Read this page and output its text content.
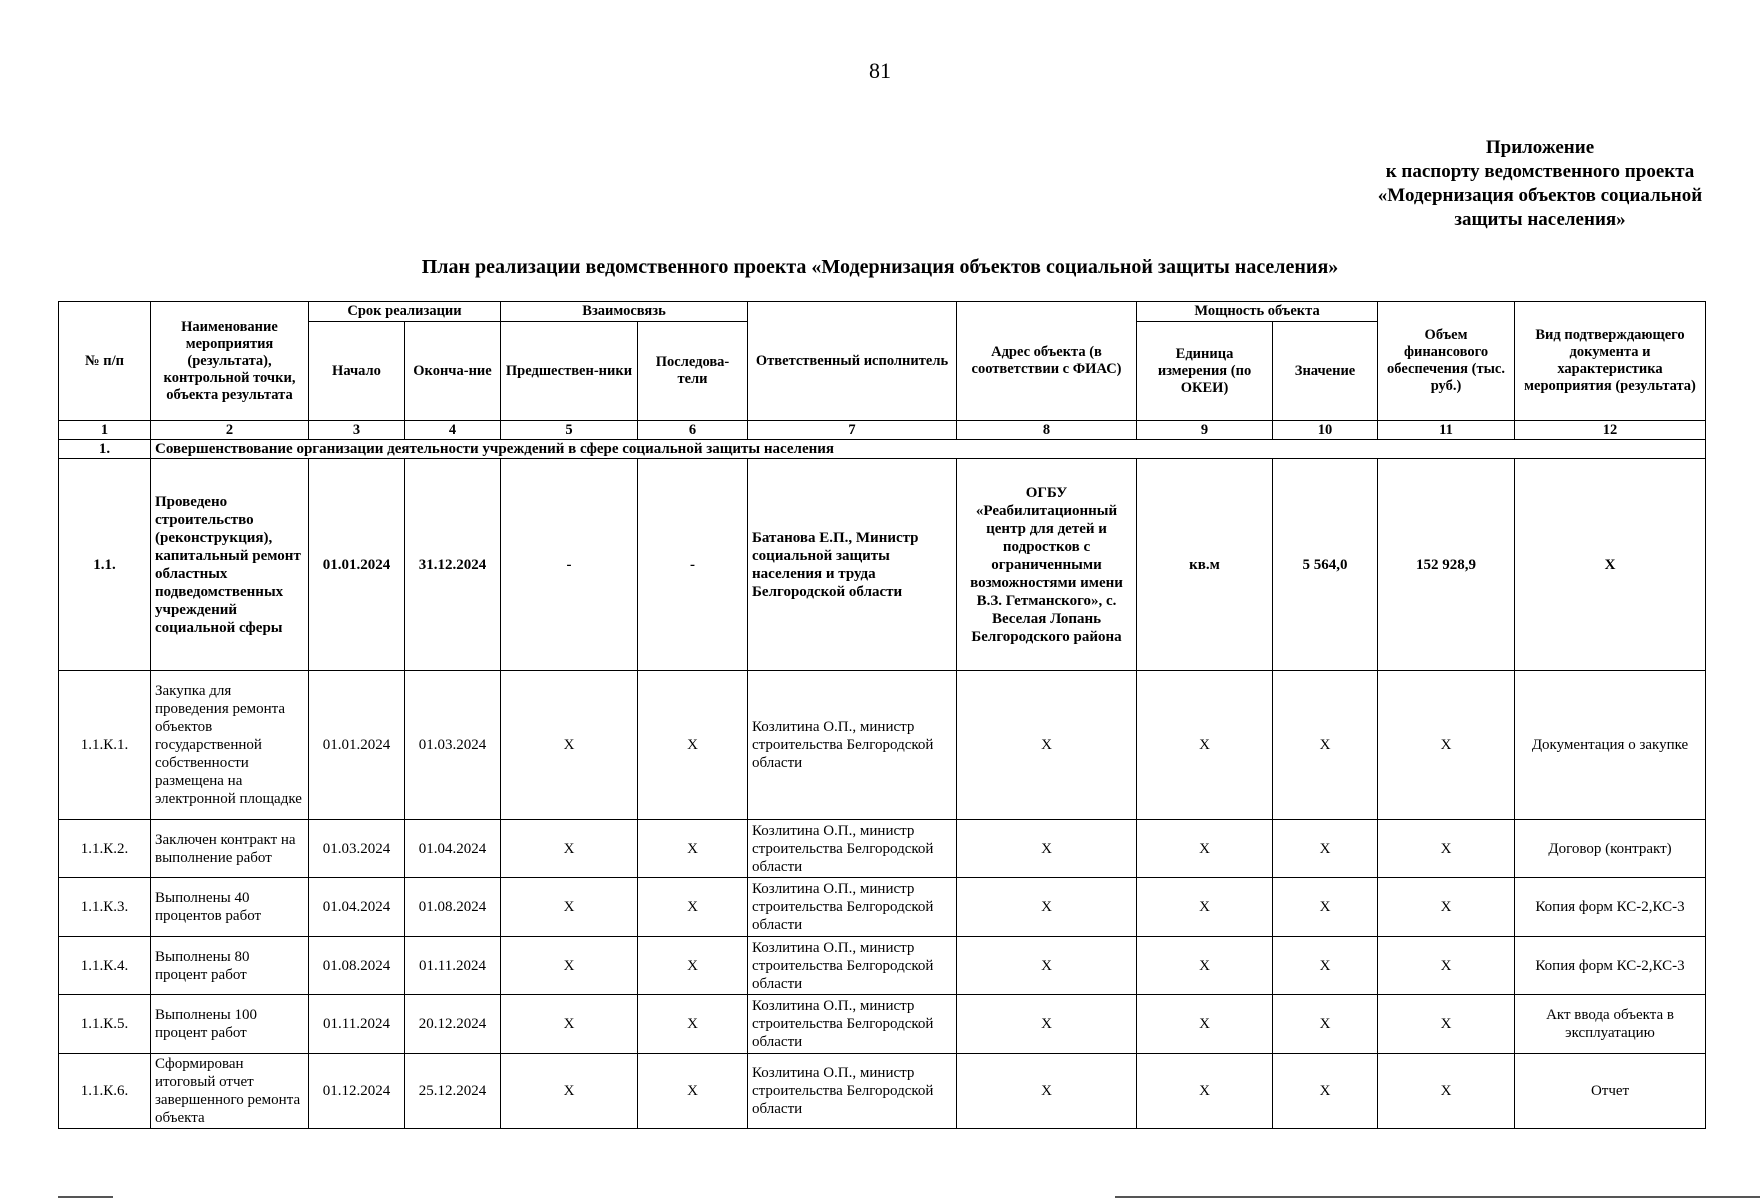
81
Приложение
к паспорту ведомственного проекта
«Модернизация объектов социальной
защиты населения»
План реализации ведомственного проекта «Модернизация объектов социальной защиты населения»
№ п/п	Наименование мероприятия (результата), контрольной точки, объекта результата	Срок реализации		Взаимосвязь		Ответственный исполнитель	Адрес объекта (в соответствии с ФИАС)	Мощность объекта		Объем финансового обеспечения (тыс. руб.)	Вид подтверждающего документа и характеристика мероприятия (результата)
		Начало	Оконча-ние	Предшествен-ники	Последова-тели			Единица измерения (по ОКЕИ)	Значение		
1	2	3	4	5	6	7	8	9	10	11	12
1.	Совершенствование организации деятельности учреждений в сфере социальной защиты населения										
1.1.	Проведено строительство (реконструкция), капитальный ремонт областных подведомственных учреждений социальной сферы	01.01.2024	31.12.2024	-	-	Батанова Е.П., Министр социальной защиты населения и труда Белгородской области	ОГБУ «Реабилитационный центр для детей и подростков с ограниченными возможностями имени В.З. Гетманского», с. Веселая Лопань Белгородского района	кв.м	5 564,0	152 928,9	Х
1.1.К.1.	Закупка для проведения ремонта объектов государственной собственности размещена на электронной площадке	01.01.2024	01.03.2024	Х	Х	Козлитина О.П., министр строительства Белгородской области	Х	Х	Х	Х	Документация о закупке
1.1.К.2.	Заключен контракт на выполнение работ	01.03.2024	01.04.2024	Х	Х	Козлитина О.П., министр строительства Белгородской области	Х	Х	Х	Х	Договор (контракт)
1.1.К.3.	Выполнены 40 процентов работ	01.04.2024	01.08.2024	Х	Х	Козлитина О.П., министр строительства Белгородской области	Х	Х	Х	Х	Копия форм КС-2,КС-3
1.1.К.4.	Выполнены 80 процент работ	01.08.2024	01.11.2024	Х	Х	Козлитина О.П., министр строительства Белгородской области	Х	Х	Х	Х	Копия форм КС-2,КС-3
1.1.К.5.	Выполнены 100 процент работ	01.11.2024	20.12.2024	Х	Х	Козлитина О.П., министр строительства Белгородской области	Х	Х	Х	Х	Акт ввода объекта в эксплуатацию
1.1.К.6.	Сформирован итоговый отчет завершенного ремонта объекта	01.12.2024	25.12.2024	Х	Х	Козлитина О.П., министр строительства Белгородской области	Х	Х	Х	Х	Отчет
